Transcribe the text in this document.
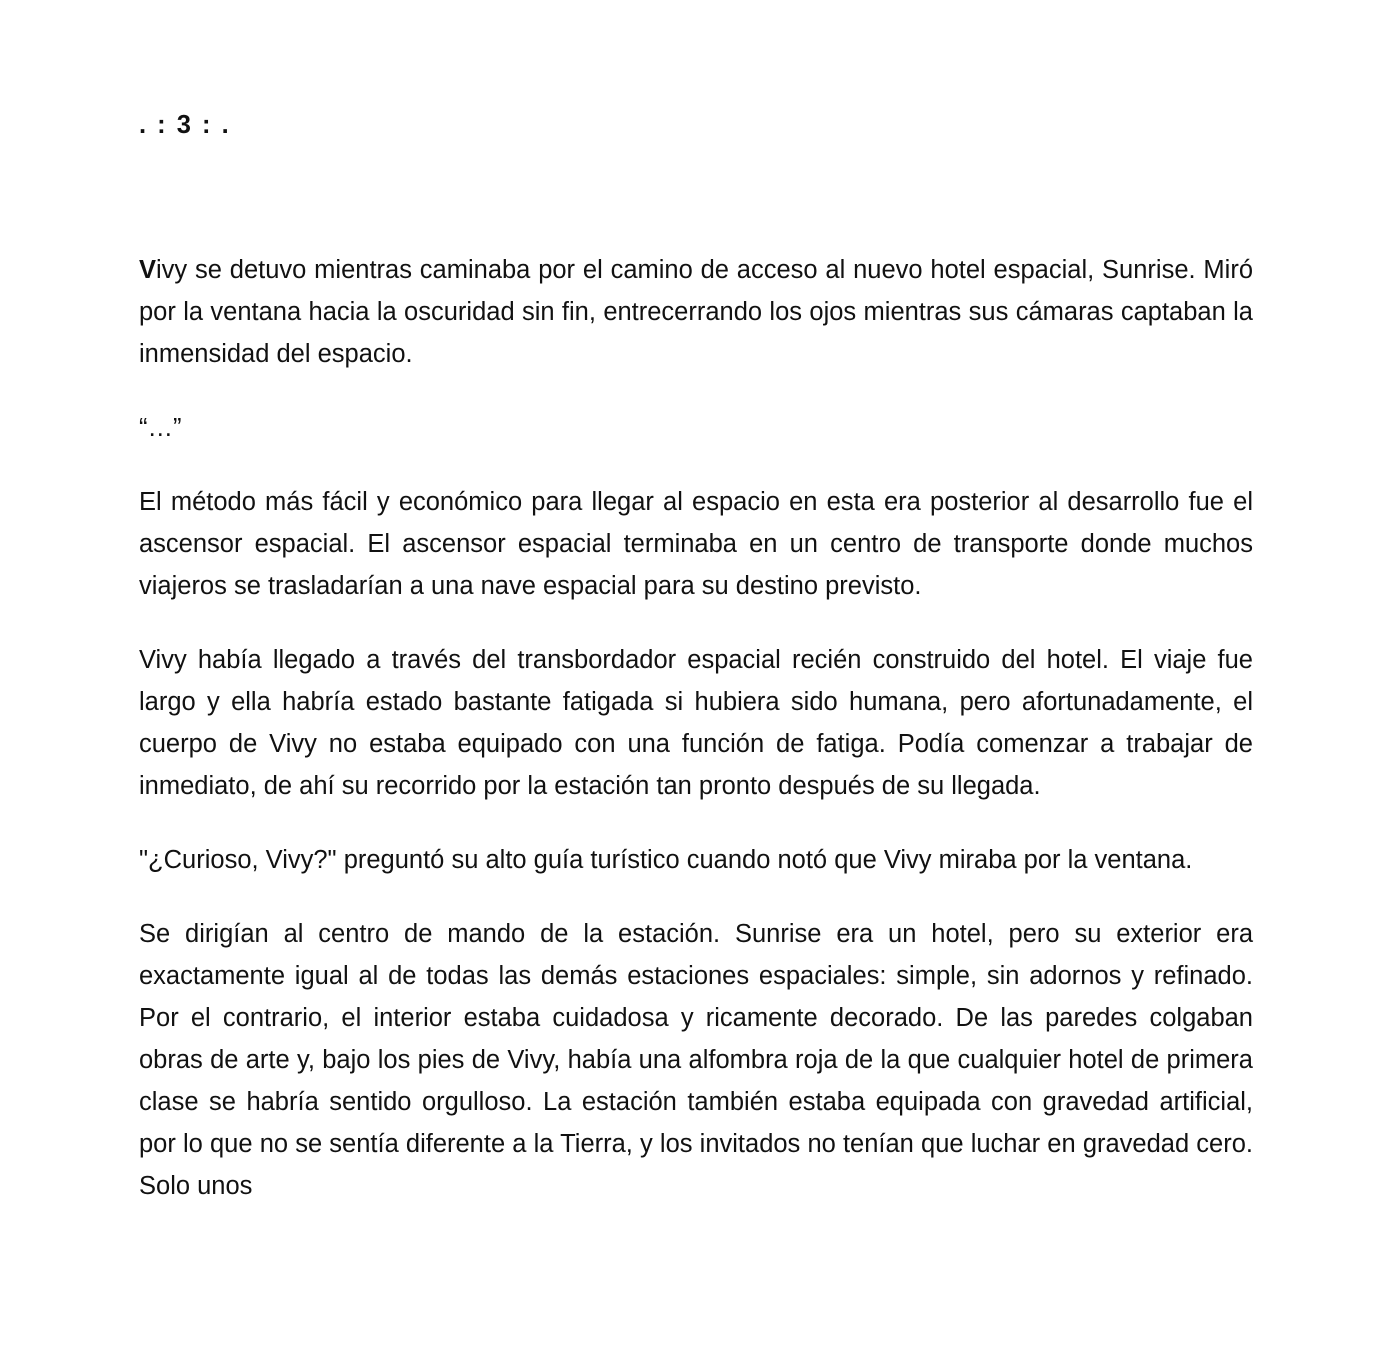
. : 3 : .

Vivy se detuvo mientras caminaba por el camino de acceso al nuevo hotel espacial, Sunrise. Miró por la ventana hacia la oscuridad sin fin, entrecerrando los ojos mientras sus cámaras captaban la inmensidad del espacio.

“…”

El método más fácil y económico para llegar al espacio en esta era posterior al desarrollo fue el ascensor espacial. El ascensor espacial terminaba en un centro de transporte donde muchos viajeros se trasladarían a una nave espacial para su destino previsto.

Vivy había llegado a través del transbordador espacial recién construido del hotel. El viaje fue largo y ella habría estado bastante fatigada si hubiera sido humana, pero afortunadamente, el cuerpo de Vivy no estaba equipado con una función de fatiga. Podía comenzar a trabajar de inmediato, de ahí su recorrido por la estación tan pronto después de su llegada.

"¿Curioso, Vivy?" preguntó su alto guía turístico cuando notó que Vivy miraba por la ventana.

Se dirigían al centro de mando de la estación. Sunrise era un hotel, pero su exterior era exactamente igual al de todas las demás estaciones espaciales: simple, sin adornos y refinado. Por el contrario, el interior estaba cuidadosa y ricamente decorado. De las paredes colgaban obras de arte y, bajo los pies de Vivy, había una alfombra roja de la que cualquier hotel de primera clase se habría sentido orgulloso. La estación también estaba equipada con gravedad artificial, por lo que no se sentía diferente a la Tierra, y los invitados no tenían que luchar en gravedad cero. Solo unos
